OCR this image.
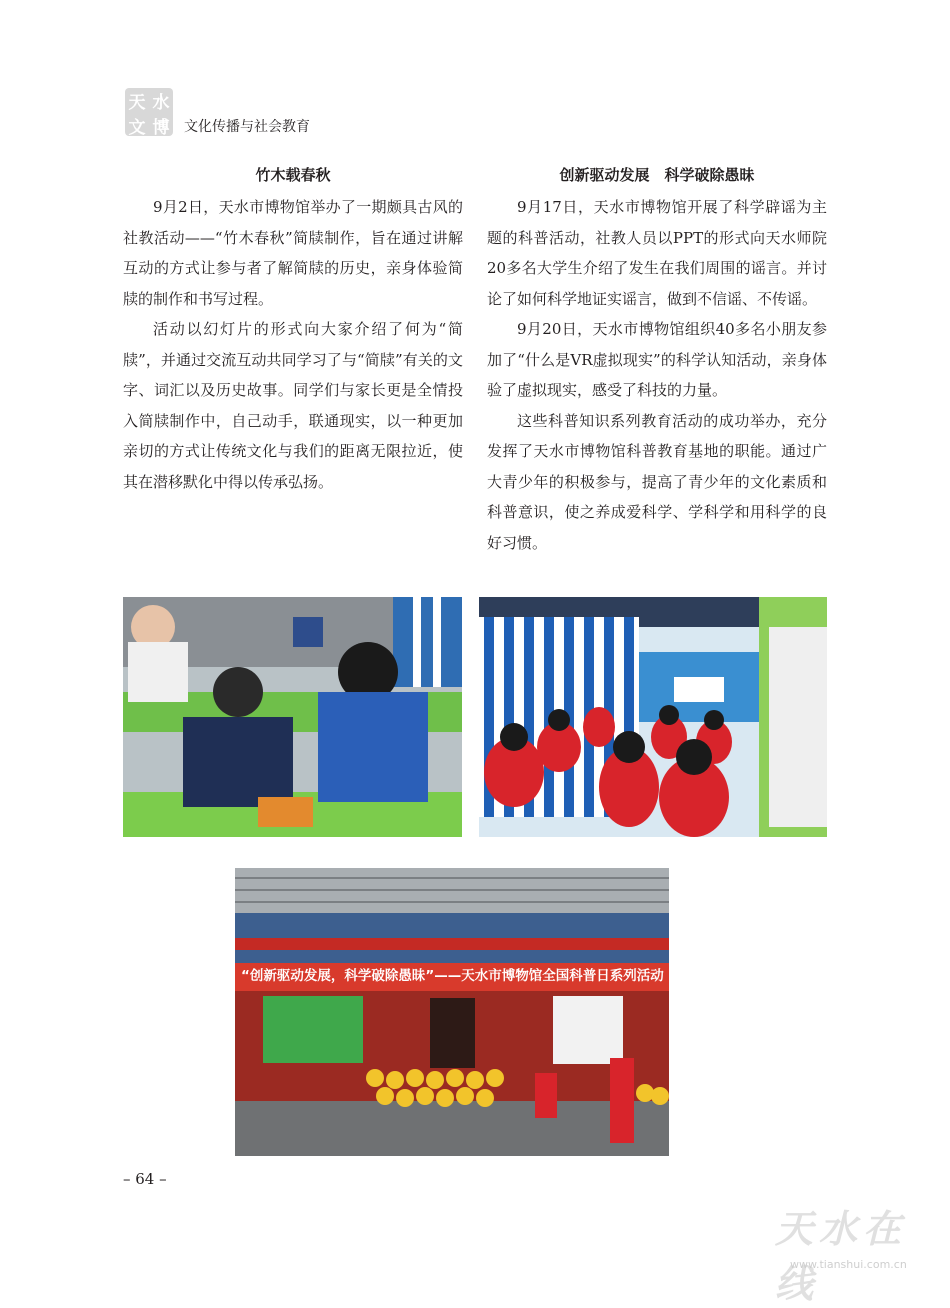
天 水
文 博 文化传播与社会教育
竹木载春秋

9月2日，天水市博物馆举办了一期颇具古风的社教活动——“竹木春秋”简牍制作，旨在通过讲解互动的方式让参与者了解简牍的历史，亲身体验简牍的制作和书写过程。

活动以幻灯片的形式向大家介绍了何为“简牍”，并通过交流互动共同学习了与“简牍”有关的文字、词汇以及历史故事。同学们与家长更是全情投入简牍制作中，自己动手，联通现实，以一种更加亲切的方式让传统文化与我们的距离无限拉近，使其在潜移默化中得以传承弘扬。

创新驱动发展　科学破除愚昧

9月17日，天水市博物馆开展了科学辟谣为主题的科普活动，社教人员以PPT的形式向天水师院20多名大学生介绍了发生在我们周围的谣言。并讨论了如何科学地证实谣言，做到不信谣、不传谣。

9月20日，天水市博物馆组织40多名小朋友参加了“什么是VR虚拟现实”的科学认知活动，亲身体验了虚拟现实，感受了科技的力量。

这些科普知识系列教育活动的成功举办，充分发挥了天水市博物馆科普教育基地的职能。通过广大青少年的积极参与，提高了青少年的文化素质和科普意识，使之养成爱科学、学科学和用科学的良好习惯。

“创新驱动发展，科学破除愚昧”——天水市博物馆全国科普日系列活动
– 64 –
天水在线
www.tianshui.com.cn
